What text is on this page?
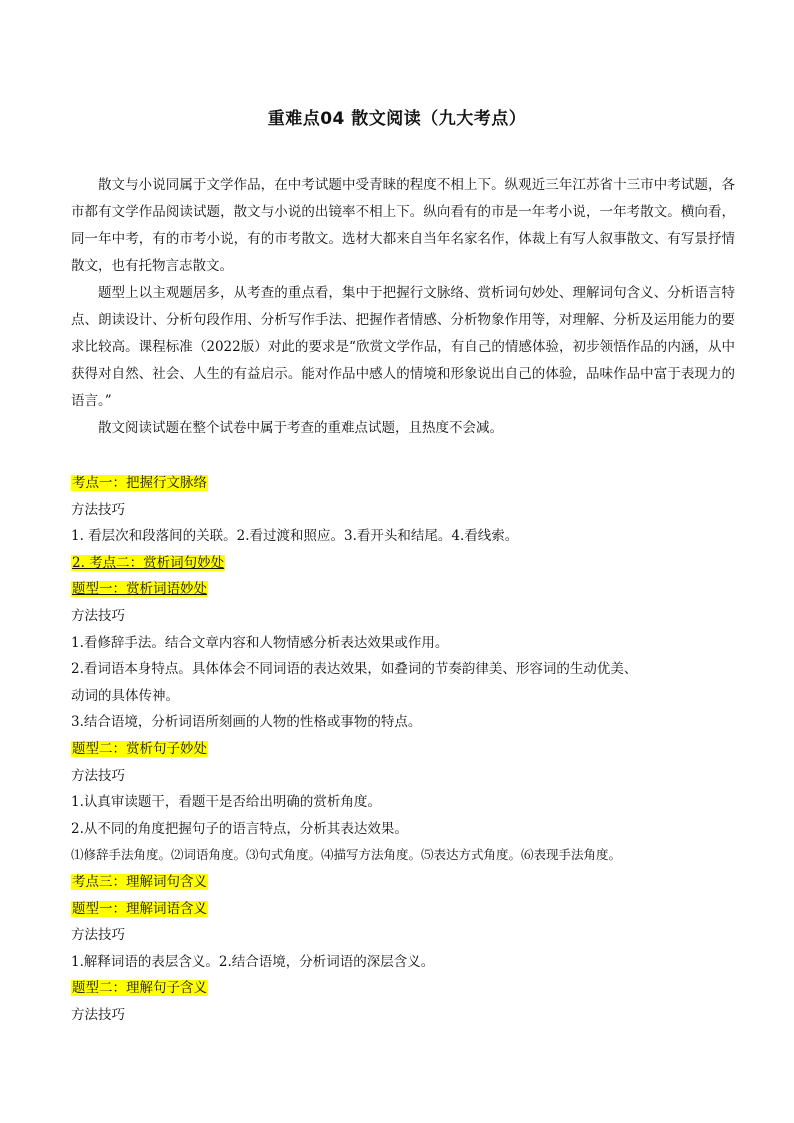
重难点04 散文阅读（九大考点）

散文与小说同属于文学作品，在中考试题中受青睐的程度不相上下。纵观近三年江苏省十三市中考试题，各市都有文学作品阅读试题，散文与小说的出镜率不相上下。纵向看有的市是一年考小说，一年考散文。横向看，同一年中考，有的市考小说，有的市考散文。选材大都来自当年名家名作，体裁上有写人叙事散文、有写景抒情散文，也有托物言志散文。

题型上以主观题居多，从考查的重点看，集中于把握行文脉络、赏析词句妙处、理解词句含义、分析语言特点、朗读设计、分析句段作用、分析写作手法、把握作者情感、分析物象作用等，对理解、分析及运用能力的要求比较高。课程标准（2022版）对此的要求是“欣赏文学作品，有自己的情感体验，初步领悟作品的内涵，从中获得对自然、社会、人生的有益启示。能对作品中感人的情境和形象说出自己的体验，品味作品中富于表现力的语言。”

散文阅读试题在整个试卷中属于考查的重难点试题，且热度不会减。

考点一：把握行文脉络

方法技巧

1. 看层次和段落间的关联。2.看过渡和照应。3.看开头和结尾。4.看线索。

2. 考点二：赏析词句妙处

题型一：赏析词语妙处

方法技巧

1.看修辞手法。结合文章内容和人物情感分析表达效果或作用。

2.看词语本身特点。具体体会不同词语的表达效果，如叠词的节奏韵律美、形容词的生动优美、

动词的具体传神。

3.结合语境，分析词语所刻画的人物的性格或事物的特点。

题型二：赏析句子妙处

方法技巧

1.认真审读题干，看题干是否给出明确的赏析角度。

2.从不同的角度把握句子的语言特点，分析其表达效果。

⑴修辞手法角度。⑵词语角度。⑶句式角度。⑷描写方法角度。⑸表达方式角度。⑹表现手法角度。

考点三：理解词句含义

题型一：理解词语含义

方法技巧

1.解释词语的表层含义。2.结合语境，分析词语的深层含义。

题型二：理解句子含义

方法技巧
